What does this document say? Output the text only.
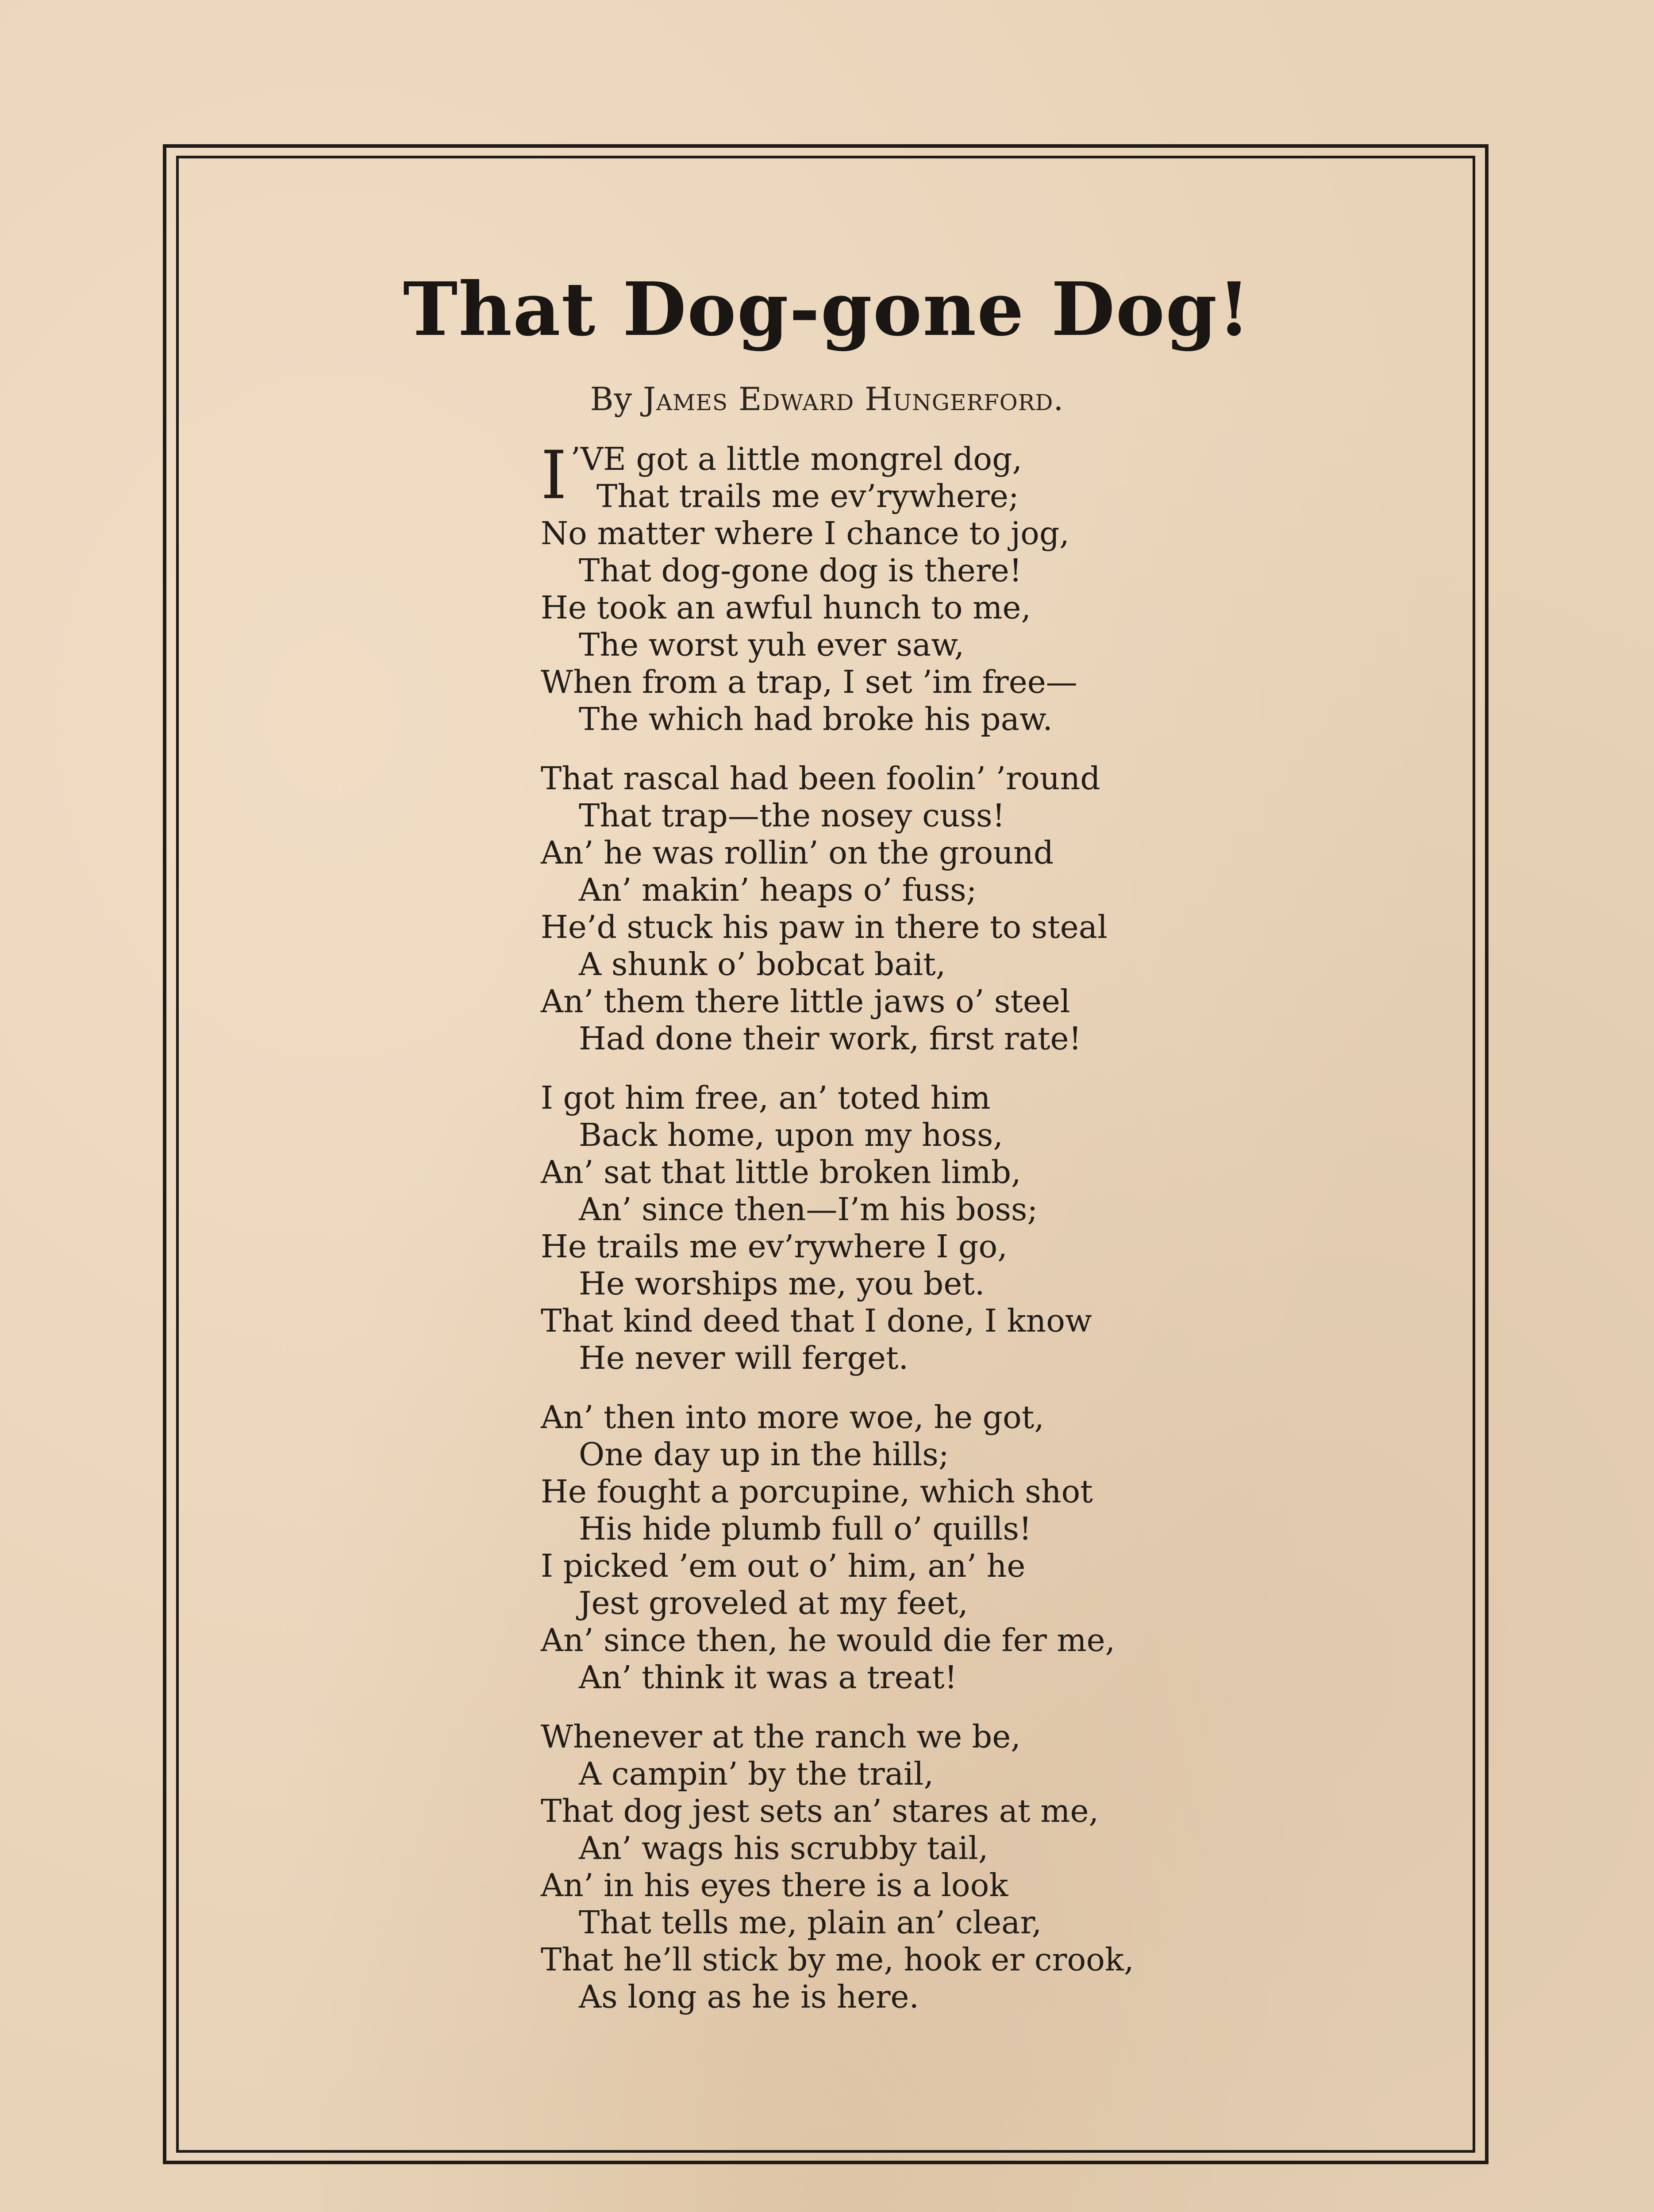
That Dog-gone Dog!
By James Edward Hungerford.
I ’VE got a little mongrel dog,
That trails me ev’rywhere;
No matter where I chance to jog,
That dog-gone dog is there!
He took an awful hunch to me,
The worst yuh ever saw,
When from a trap, I set ’im free—
The which had broke his paw.
That rascal had been foolin’ ’round
That trap—the nosey cuss!
An’ he was rollin’ on the ground
An’ makin’ heaps o’ fuss;
He’d stuck his paw in there to steal
A shunk o’ bobcat bait,
An’ them there little jaws o’ steel
Had done their work, first rate!
I got him free, an’ toted him
Back home, upon my hoss,
An’ sat that little broken limb,
An’ since then—I’m his boss;
He trails me ev’rywhere I go,
He worships me, you bet.
That kind deed that I done, I know
He never will ferget.
An’ then into more woe, he got,
One day up in the hills;
He fought a porcupine, which shot
His hide plumb full o’ quills!
I picked ’em out o’ him, an’ he
Jest groveled at my feet,
An’ since then, he would die fer me,
An’ think it was a treat!
Whenever at the ranch we be,
A campin’ by the trail,
That dog jest sets an’ stares at me,
An’ wags his scrubby tail,
An’ in his eyes there is a look
That tells me, plain an’ clear,
That he’ll stick by me, hook er crook,
As long as he is here.
